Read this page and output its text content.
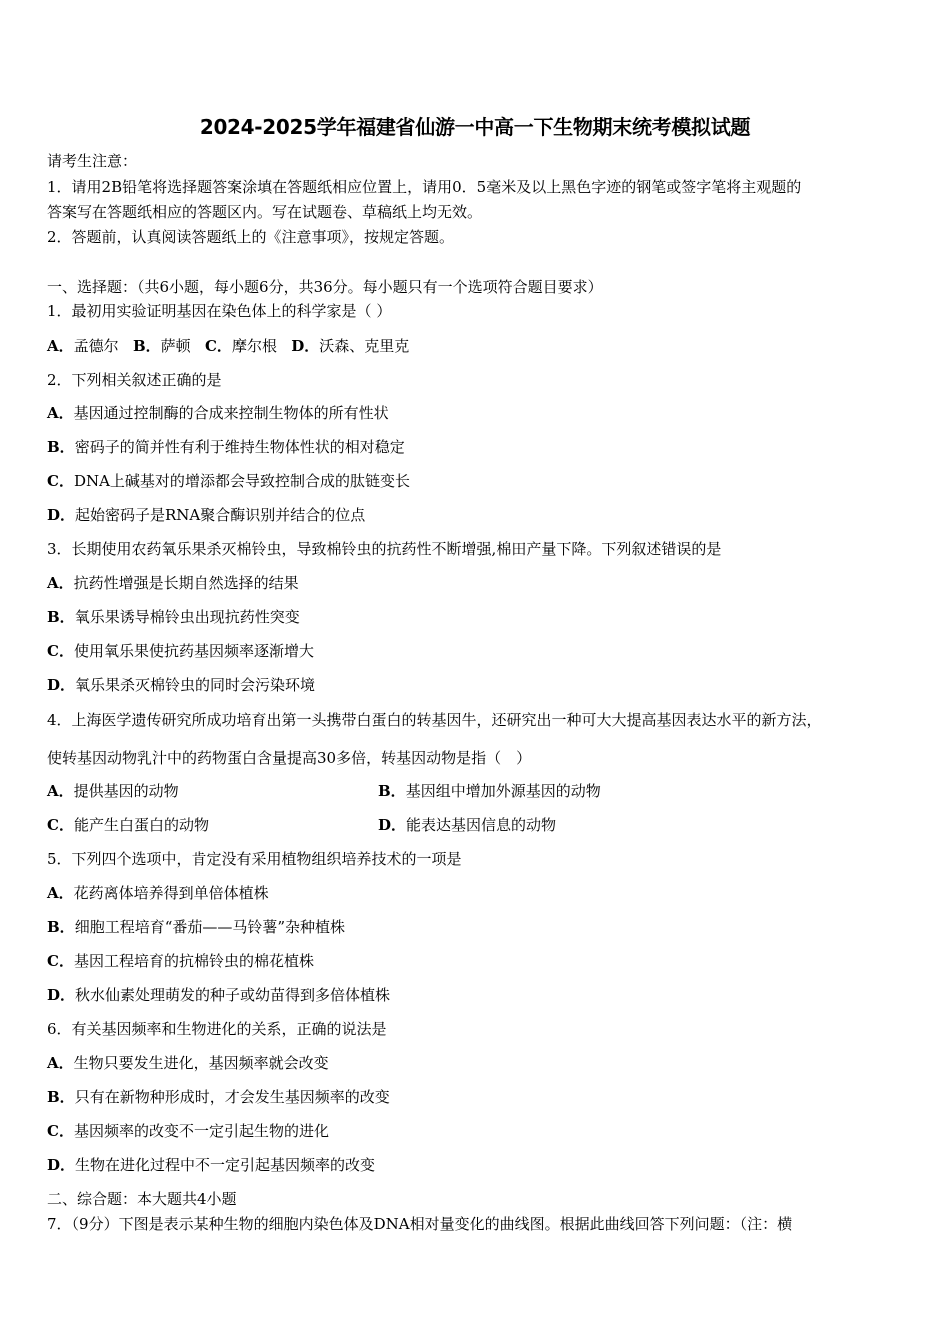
2024-2025学年福建省仙游一中高一下生物期末统考模拟试题
请考生注意：
1．请用2B铅笔将选择题答案涂填在答题纸相应位置上，请用0．5毫米及以上黑色字迹的钢笔或签字笔将主观题的
答案写在答题纸相应的答题区内。写在试题卷、草稿纸上均无效。
2．答题前，认真阅读答题纸上的《注意事项》，按规定答题。
一、选择题：（共6小题，每小题6分，共36分。每小题只有一个选项符合题目要求）
1．最初用实验证明基因在染色体上的科学家是（ ）
A．孟德尔 B．萨顿 C．摩尔根 D．沃森、克里克
2．下列相关叙述正确的是
A．基因通过控制酶的合成来控制生物体的所有性状
B．密码子的简并性有利于维持生物体性状的相对稳定
C．DNA上碱基对的增添都会导致控制合成的肽链变长
D．起始密码子是RNA聚合酶识别并结合的位点
3．长期使用农药氧乐果杀灭棉铃虫，导致棉铃虫的抗药性不断增强,棉田产量下降。下列叙述错误的是
A．抗药性增强是长期自然选择的结果
B．氧乐果诱导棉铃虫出现抗药性突变
C．使用氧乐果使抗药基因频率逐渐增大
D．氧乐果杀灭棉铃虫的同时会污染环境
4．上海医学遗传研究所成功培育出第一头携带白蛋白的转基因牛，还研究出一种可大大提高基因表达水平的新方法，
使转基因动物乳汁中的药物蛋白含量提高30多倍，转基因动物是指（　）
A．提供基因的动物	B．基因组中增加外源基因的动物
C．能产生白蛋白的动物	D．能表达基因信息的动物
5．下列四个选项中，肯定没有采用植物组织培养技术的一项是
A．花药离体培养得到单倍体植株
B．细胞工程培育“番茄——马铃薯”杂种植株
C．基因工程培育的抗棉铃虫的棉花植株
D．秋水仙素处理萌发的种子或幼苗得到多倍体植株
6．有关基因频率和生物进化的关系，正确的说法是
A．生物只要发生进化，基因频率就会改变
B．只有在新物种形成时，才会发生基因频率的改变
C．基因频率的改变不一定引起生物的进化
D．生物在进化过程中不一定引起基因频率的改变
二、综合题：本大题共4小题
7．（9分）下图是表示某种生物的细胞内染色体及DNA相对量变化的曲线图。根据此曲线回答下列问题：（注：横
